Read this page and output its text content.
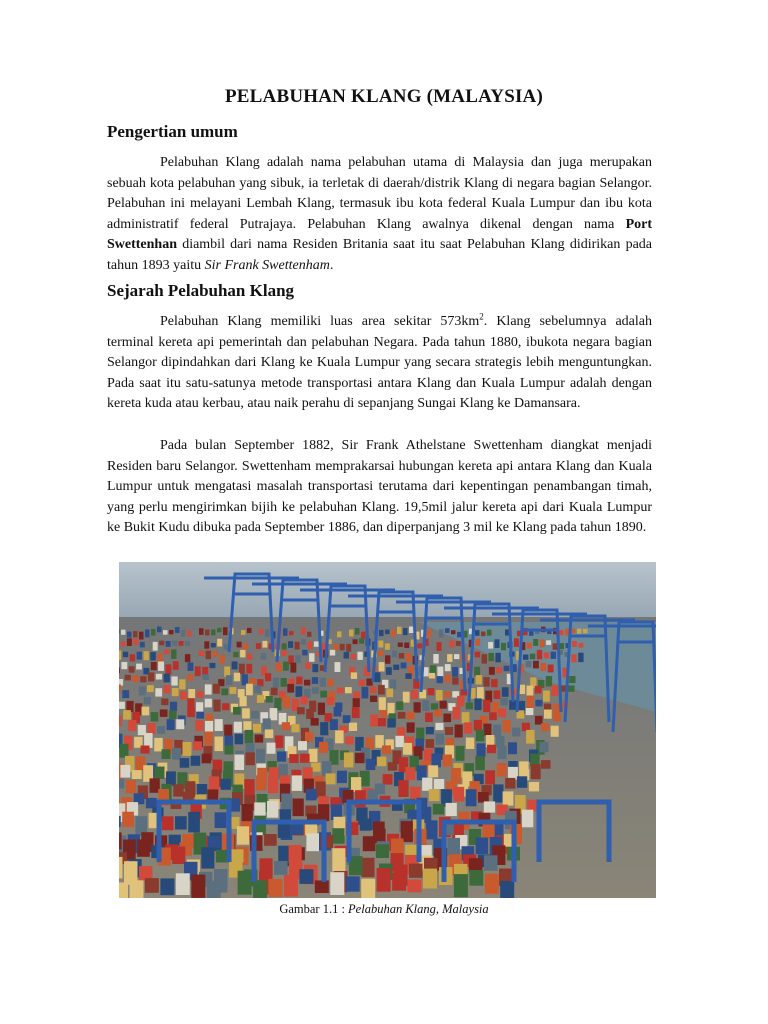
PELABUHAN KLANG (MALAYSIA)
Pengertian umum
Pelabuhan Klang adalah nama pelabuhan utama di Malaysia dan juga merupakan sebuah kota pelabuhan yang sibuk, ia terletak di daerah/distrik Klang di negara bagian Selangor. Pelabuhan ini melayani Lembah Klang, termasuk ibu kota federal Kuala Lumpur dan ibu kota administratif federal Putrajaya. Pelabuhan Klang awalnya dikenal dengan nama Port Swettenhan diambil dari nama Residen Britania saat itu saat Pelabuhan Klang didirikan pada tahun 1893 yaitu Sir Frank Swettenham.
Sejarah Pelabuhan Klang
Pelabuhan Klang memiliki luas area sekitar $573km^2$. Klang sebelumnya adalah terminal kereta api pemerintah dan pelabuhan Negara. Pada tahun 1880, ibukota negara bagian Selangor dipindahkan dari Klang ke Kuala Lumpur yang secara strategis lebih menguntungkan. Pada saat itu satu-satunya metode transportasi antara Klang dan Kuala Lumpur adalah dengan kereta kuda atau kerbau, atau naik perahu di sepanjang Sungai Klang ke Damansara.
Pada bulan September 1882, Sir Frank Athelstane Swettenham diangkat menjadi Residen baru Selangor. Swettenham memprakarsai hubungan kereta api antara Klang dan Kuala Lumpur untuk mengatasi masalah transportasi terutama dari kepentingan penambangan timah, yang perlu mengirimkan bijih ke pelabuhan Klang. 19,5mil jalur kereta api dari Kuala Lumpur ke Bukit Kudu dibuka pada September 1886, dan diperpanjang 3 mil ke Klang pada tahun 1890.
Gambar 1.1 : Pelabuhan Klang, Malaysia
